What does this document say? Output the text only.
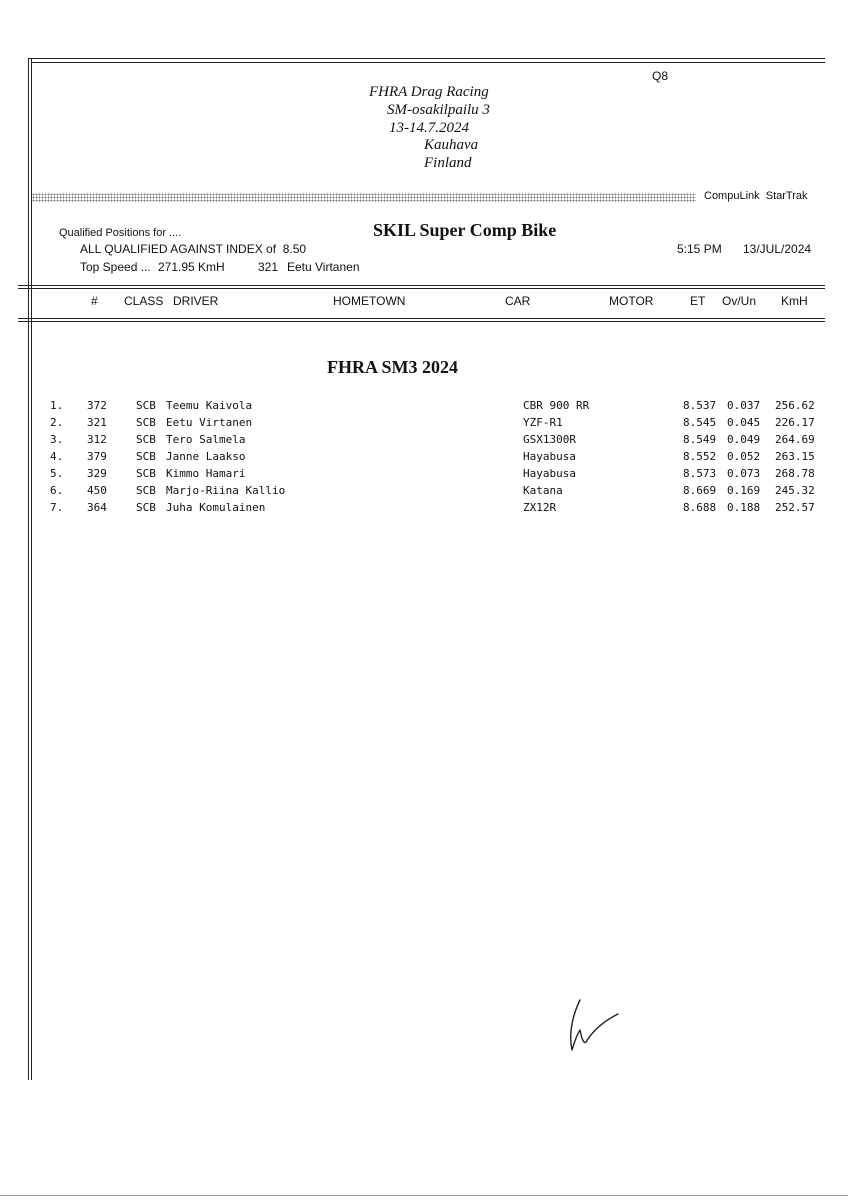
Q8
FHRA Drag Racing
SM-osakilpailu 3
13-14.7.2024
Kauhava
Finland
CompuLink  StarTrak
Qualified Positions for ....
ALL QUALIFIED AGAINST INDEX of  8.50
Top Speed ... 271.95 KmH	321 Eetu Virtanen
SKIL Super Comp Bike
5:15 PM 13/JUL/2024
# CLASS DRIVER	HOMETOWN	CAR	MOTOR	ET Ov/Un KmH
FHRA SM3 2024
1. 372	SCB Teemu Kaivola	CBR 900 RR	8.537 0.037 256.62
2. 321	SCB Eetu Virtanen	YZF-R1	8.545 0.045 226.17
3. 312	SCB Tero Salmela	GSX1300R	8.549 0.049 264.69
4. 379	SCB Janne Laakso	Hayabusa	8.552 0.052 263.15
5. 329	SCB Kimmo Hamari	Hayabusa	8.573 0.073 268.78
6. 450	SCB Marjo-Riina Kallio	Katana	8.669 0.169 245.32
7. 364	SCB Juha Komulainen	ZX12R	8.688 0.188 252.57
